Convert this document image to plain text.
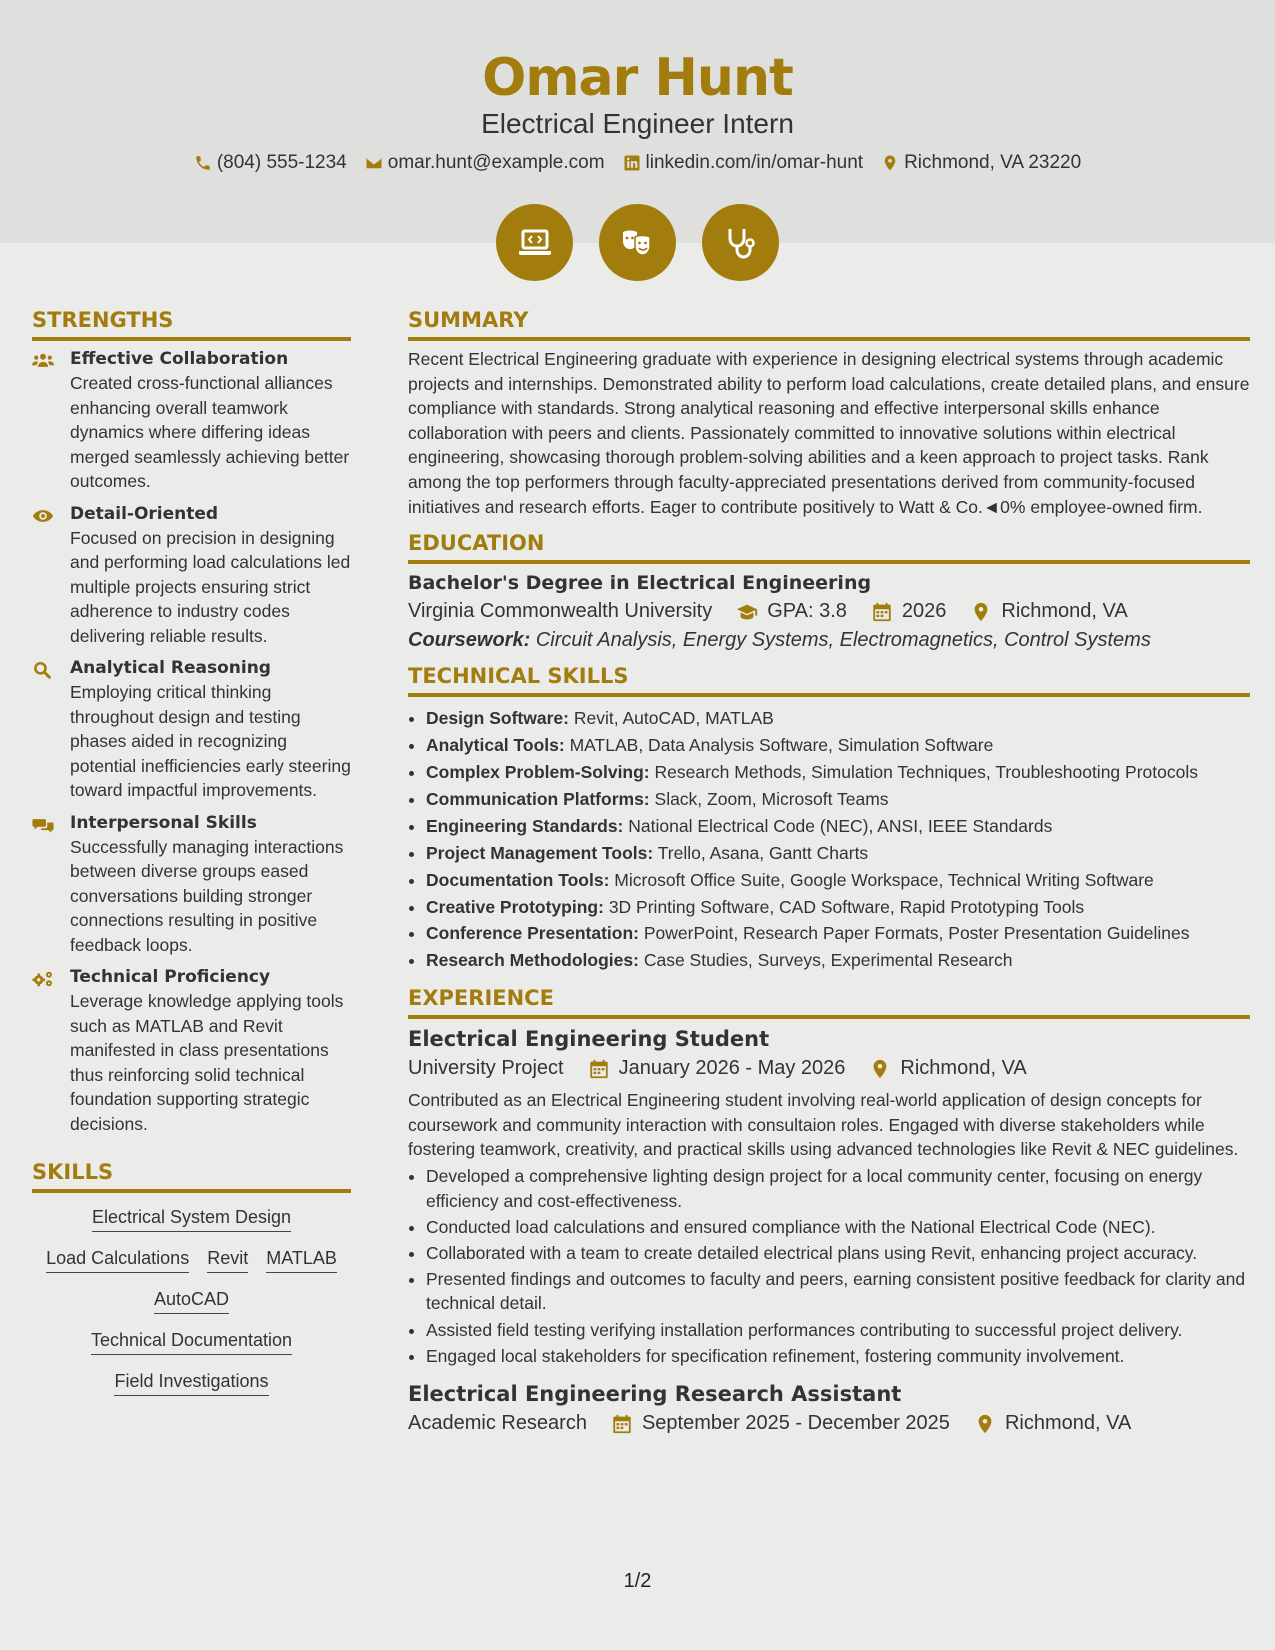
Omar Hunt
Electrical Engineer Intern
(804) 555-1234 omar.hunt@example.com linkedin.com/in/omar-hunt Richmond, VA 23220
STRENGTHS
Effective Collaboration
Created cross-functional alliances enhancing overall teamwork dynamics where differing ideas merged seamlessly achieving better outcomes.
Detail-Oriented
Focused on precision in designing and performing load calculations led multiple projects ensuring strict adherence to industry codes delivering reliable results.
Analytical Reasoning
Employing critical thinking throughout design and testing phases aided in recognizing potential inefficiencies early steering toward impactful improvements.
Interpersonal Skills
Successfully managing interactions between diverse groups eased conversations building stronger connections resulting in positive feedback loops.
Technical Proficiency
Leverage knowledge applying tools such as MATLAB and Revit manifested in class presentations thus reinforcing solid technical foundation supporting strategic decisions.
SKILLS
Electrical System Design
Load Calculations Revit MATLAB
AutoCAD
Technical Documentation
Field Investigations
SUMMARY
Recent Electrical Engineering graduate with experience in designing electrical systems through academic projects and internships. Demonstrated ability to perform load calculations, create detailed plans, and ensure compliance with standards. Strong analytical reasoning and effective interpersonal skills enhance collaboration with peers and clients. Passionately committed to innovative solutions within electrical engineering, showcasing thorough problem-solving abilities and a keen approach to project tasks. Rank among the top performers through faculty-appreciated presentations derived from community-focused initiatives and research efforts. Eager to contribute positively to Watt & Co.◄0% employee-owned firm.
EDUCATION
Bachelor's Degree in Electrical Engineering
Virginia Commonwealth University	GPA: 3.8	2026	Richmond, VA
Coursework: Circuit Analysis, Energy Systems, Electromagnetics, Control Systems
TECHNICAL SKILLS
• Design Software: Revit, AutoCAD, MATLAB
• Analytical Tools: MATLAB, Data Analysis Software, Simulation Software
• Complex Problem-Solving: Research Methods, Simulation Techniques, Troubleshooting Protocols
• Communication Platforms: Slack, Zoom, Microsoft Teams
• Engineering Standards: National Electrical Code (NEC), ANSI, IEEE Standards
• Project Management Tools: Trello, Asana, Gantt Charts
• Documentation Tools: Microsoft Office Suite, Google Workspace, Technical Writing Software
• Creative Prototyping: 3D Printing Software, CAD Software, Rapid Prototyping Tools
• Conference Presentation: PowerPoint, Research Paper Formats, Poster Presentation Guidelines
• Research Methodologies: Case Studies, Surveys, Experimental Research
EXPERIENCE
Electrical Engineering Student
University Project	January 2026 - May 2026	Richmond, VA
Contributed as an Electrical Engineering student involving real-world application of design concepts for coursework and community interaction with consultaion roles. Engaged with diverse stakeholders while fostering teamwork, creativity, and practical skills using advanced technologies like Revit & NEC guidelines.
• Developed a comprehensive lighting design project for a local community center, focusing on energy efficiency and cost-effectiveness.
• Conducted load calculations and ensured compliance with the National Electrical Code (NEC).
• Collaborated with a team to create detailed electrical plans using Revit, enhancing project accuracy.
• Presented findings and outcomes to faculty and peers, earning consistent positive feedback for clarity and technical detail.
• Assisted field testing verifying installation performances contributing to successful project delivery.
• Engaged local stakeholders for specification refinement, fostering community involvement.
Electrical Engineering Research Assistant
Academic Research	September 2025 - December 2025	Richmond, VA
1/2
